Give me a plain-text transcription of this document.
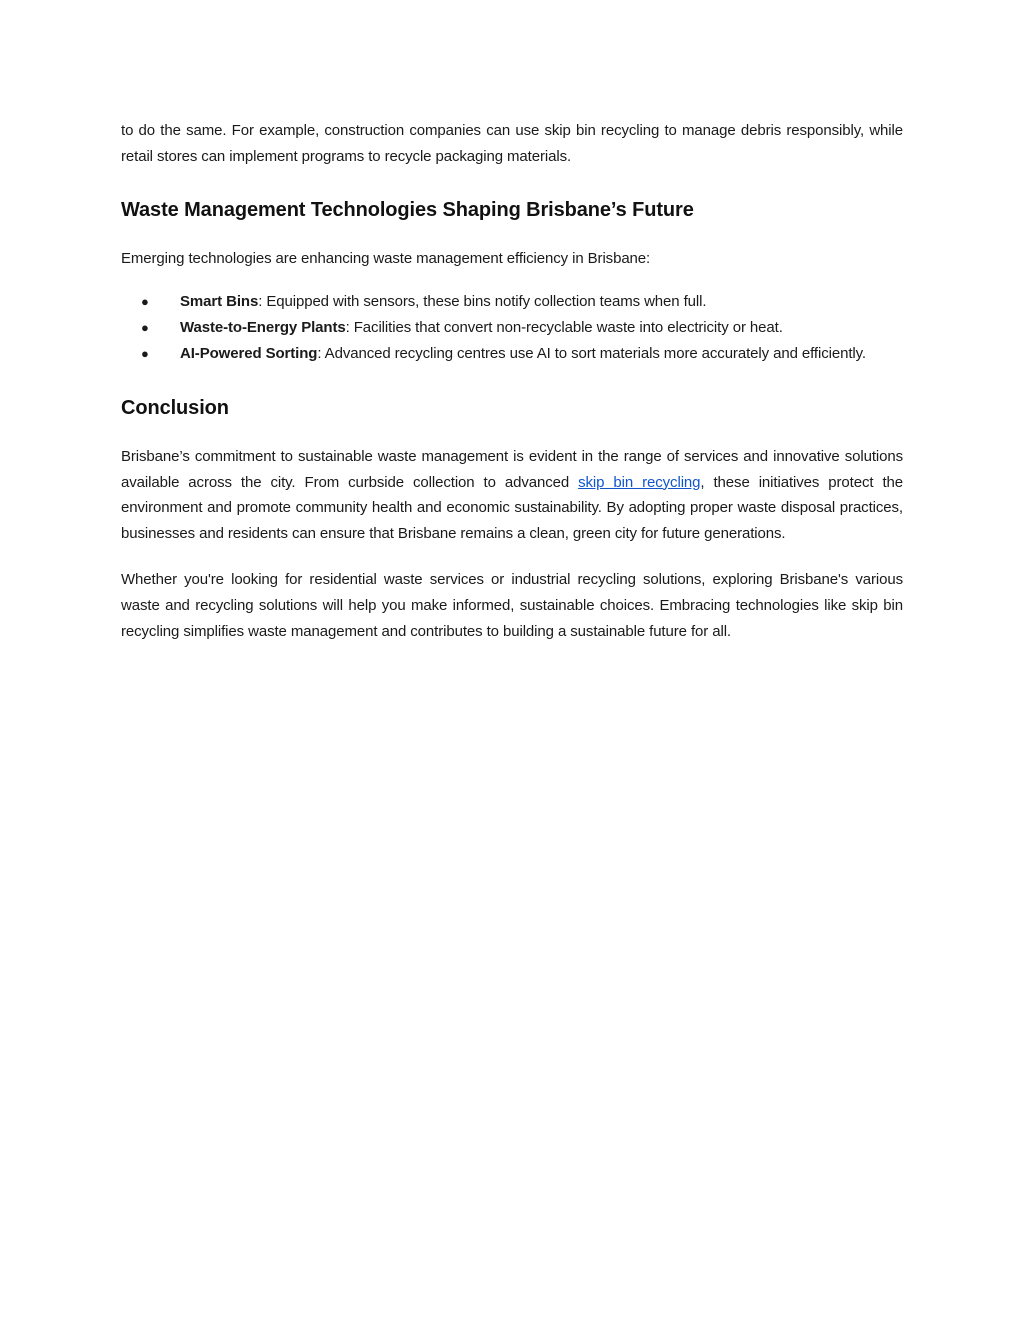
to do the same. For example, construction companies can use skip bin recycling to manage debris responsibly, while retail stores can implement programs to recycle packaging materials.

Waste Management Technologies Shaping Brisbane’s Future

Emerging technologies are enhancing waste management efficiency in Brisbane:

● Smart Bins: Equipped with sensors, these bins notify collection teams when full.
● Waste-to-Energy Plants: Facilities that convert non-recyclable waste into electricity or heat.
● AI-Powered Sorting: Advanced recycling centres use AI to sort materials more accurately and efficiently.
Conclusion

Brisbane’s commitment to sustainable waste management is evident in the range of services and innovative solutions available across the city. From curbside collection to advanced skip bin recycling, these initiatives protect the environment and promote community health and economic sustainability. By adopting proper waste disposal practices, businesses and residents can ensure that Brisbane remains a clean, green city for future generations.

Whether you're looking for residential waste services or industrial recycling solutions, exploring Brisbane's various waste and recycling solutions will help you make informed, sustainable choices. Embracing technologies like skip bin recycling simplifies waste management and contributes to building a sustainable future for all.
